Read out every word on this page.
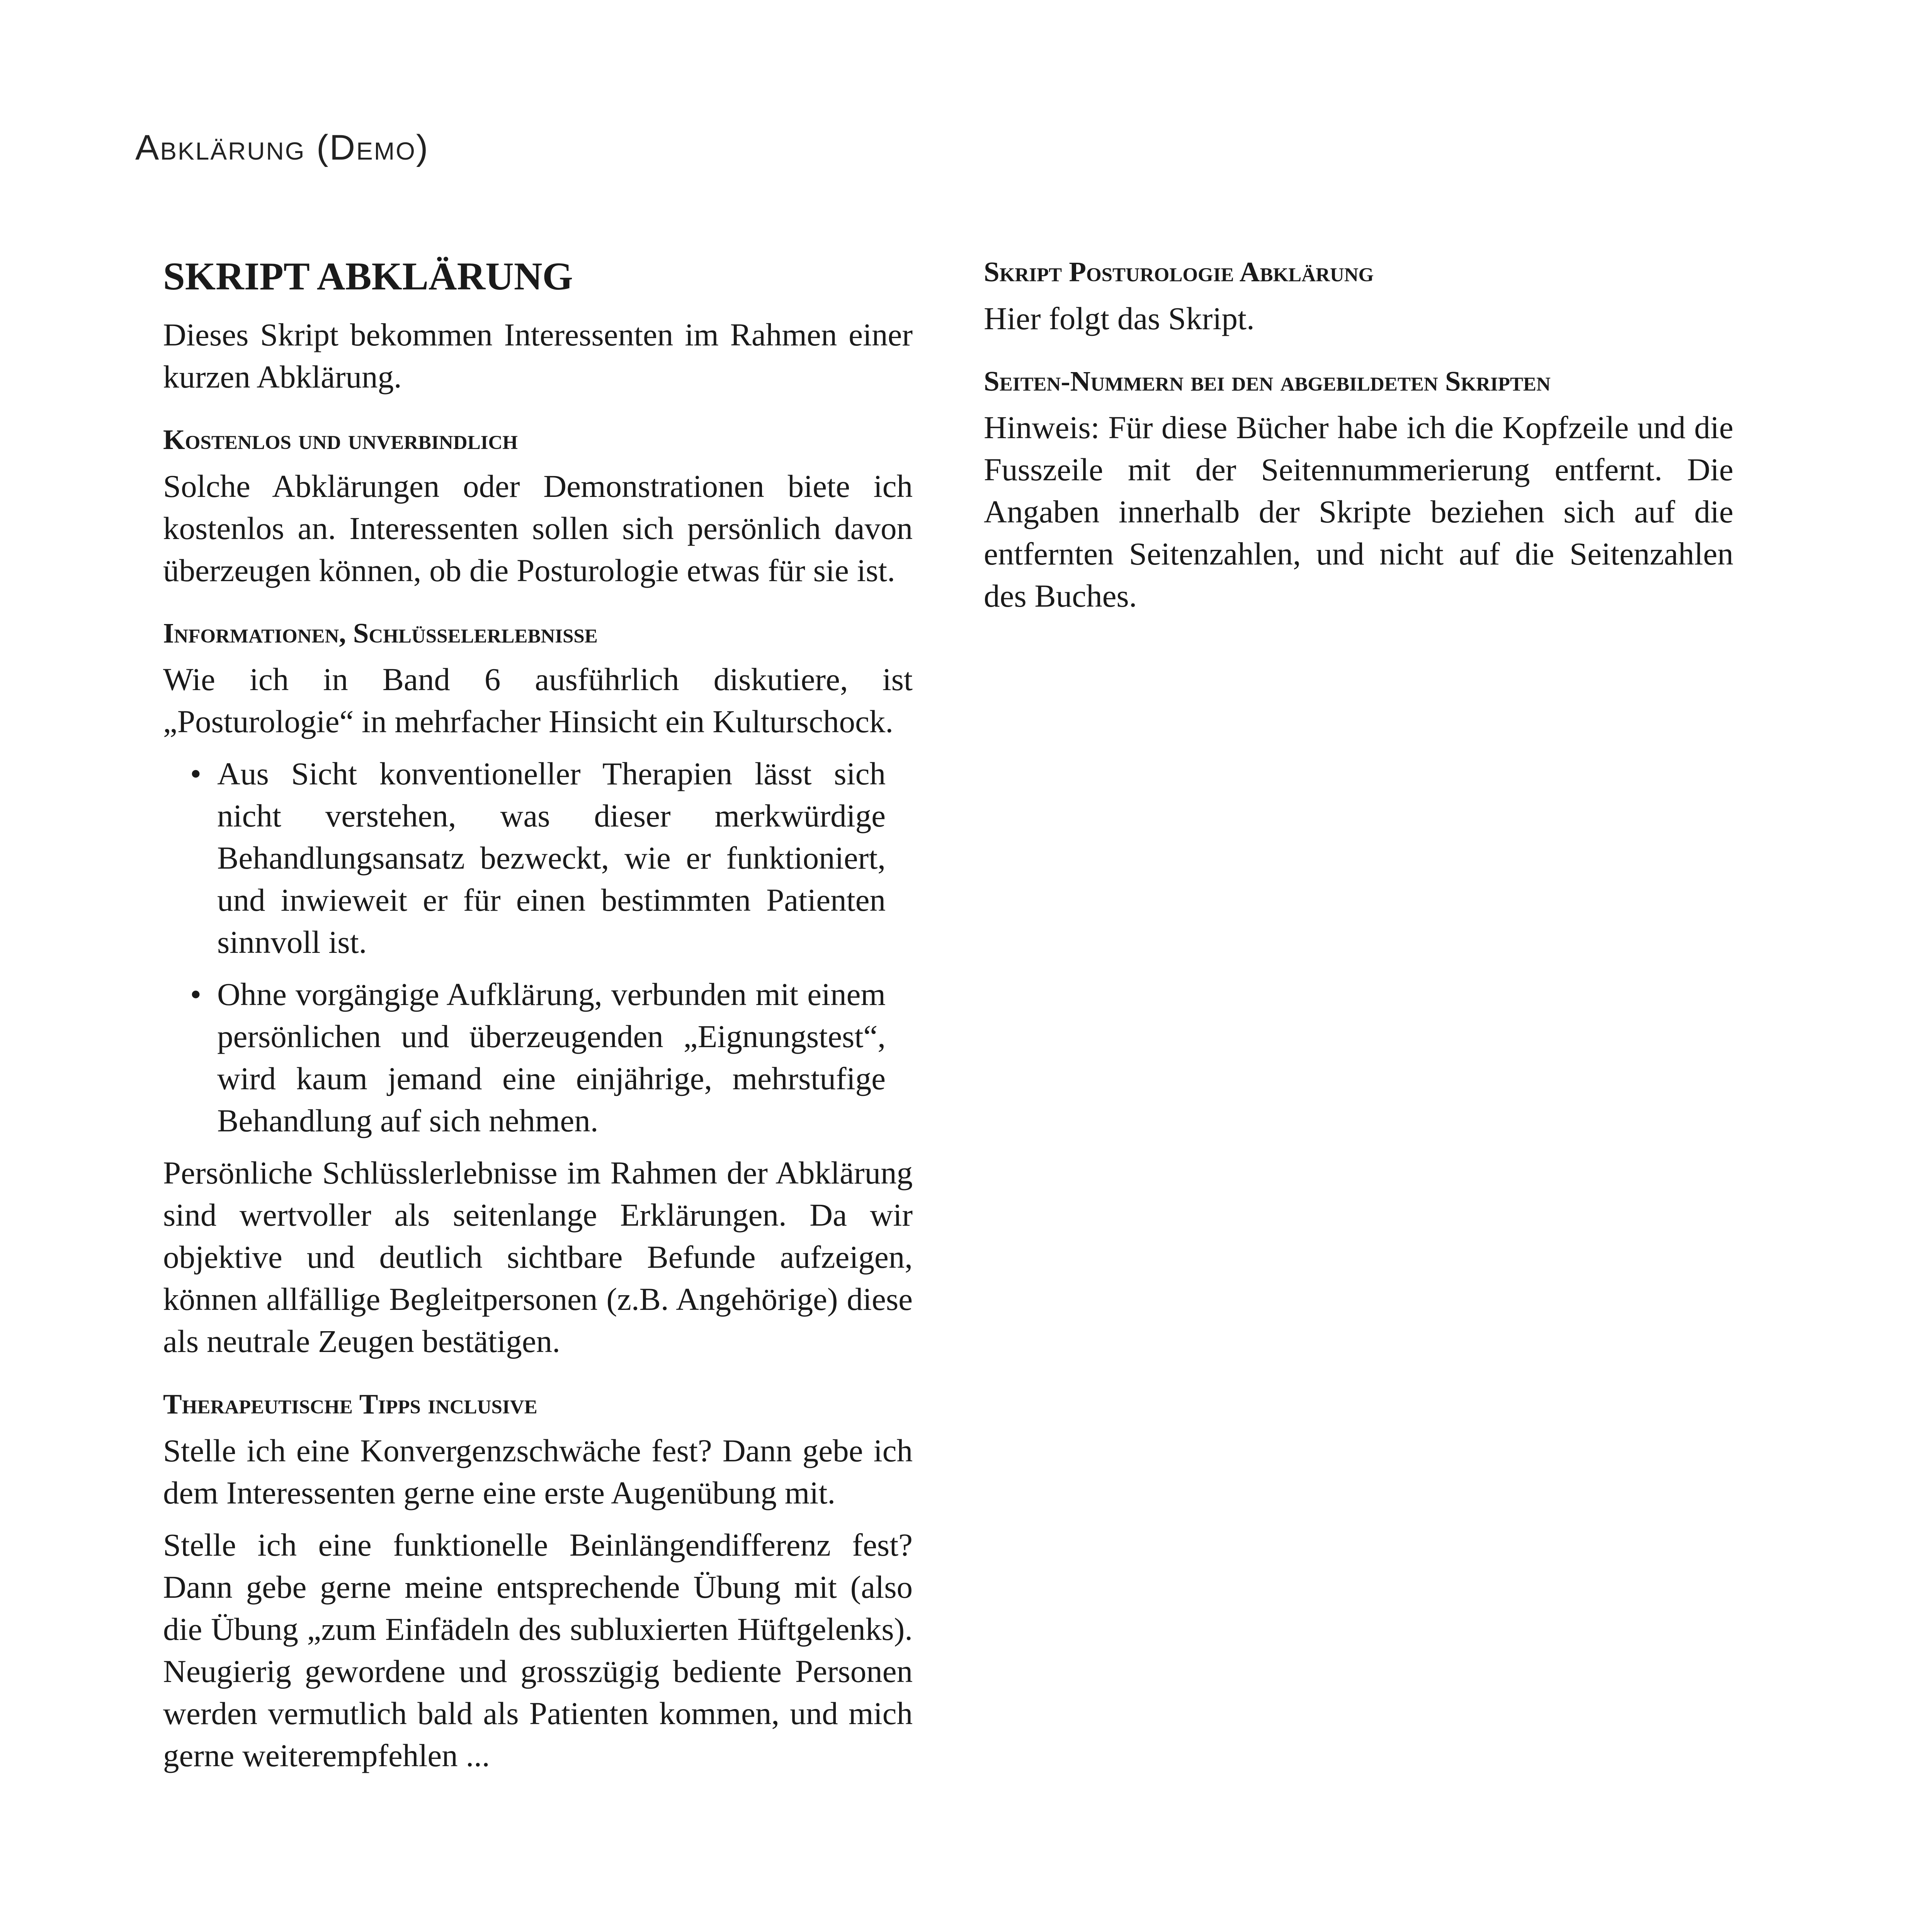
Abklärung (Demo)
SKRIPT ABKLÄRUNG

Dieses Skript bekommen Interessenten im Rahmen einer kurzen Abklärung.

Kostenlos und unverbindlich

Solche Abklärungen oder Demonstrationen biete ich kostenlos an. Interessenten sollen sich persönlich davon überzeugen können, ob die Posturologie etwas für sie ist.

Informationen, Schlüsselerlebnisse

Wie ich in Band 6 ausführlich diskutiere, ist „Posturologie“ in mehrfacher Hinsicht ein Kulturschock.

• Aus Sicht konventioneller Therapien lässt sich nicht verstehen, was dieser merkwürdige Behandlungsansatz bezweckt, wie er funktioniert, und inwieweit er für einen bestimmten Patienten sinnvoll ist.
• Ohne vorgängige Aufklärung, verbunden mit einem persönlichen und überzeugenden „Eignungstest“, wird kaum jemand eine einjährige, mehrstufige Behandlung auf sich nehmen.

Persönliche Schlüsslerlebnisse im Rahmen der Abklärung sind wertvoller als seitenlange Erklärungen. Da wir objektive und deutlich sichtbare Befunde aufzeigen, können allfällige Begleitpersonen (z.B. Angehörige) diese als neutrale Zeugen bestätigen.

Therapeutische Tipps inclusive

Stelle ich eine Konvergenzschwäche fest? Dann gebe ich dem Interessenten gerne eine erste Augenübung mit.

Stelle ich eine funktionelle Beinlängendifferenz fest? Dann gebe gerne meine entsprechende Übung mit (also die Übung „zum Einfädeln des subluxierten Hüftgelenks). Neugierig gewordene und grosszügig bediente Personen werden vermutlich bald als Patienten kommen, und mich gerne weiterempfehlen ...

Skript Posturologie Abklärung

Hier folgt das Skript.

Seiten-Nummern bei den abgebildeten Skripten

Hinweis: Für diese Bücher habe ich die Kopfzeile und die Fusszeile mit der Seitennummerierung entfernt. Die Angaben innerhalb der Skripte beziehen sich auf die entfernten Seitenzahlen, und nicht auf die Seitenzahlen des Buches.
